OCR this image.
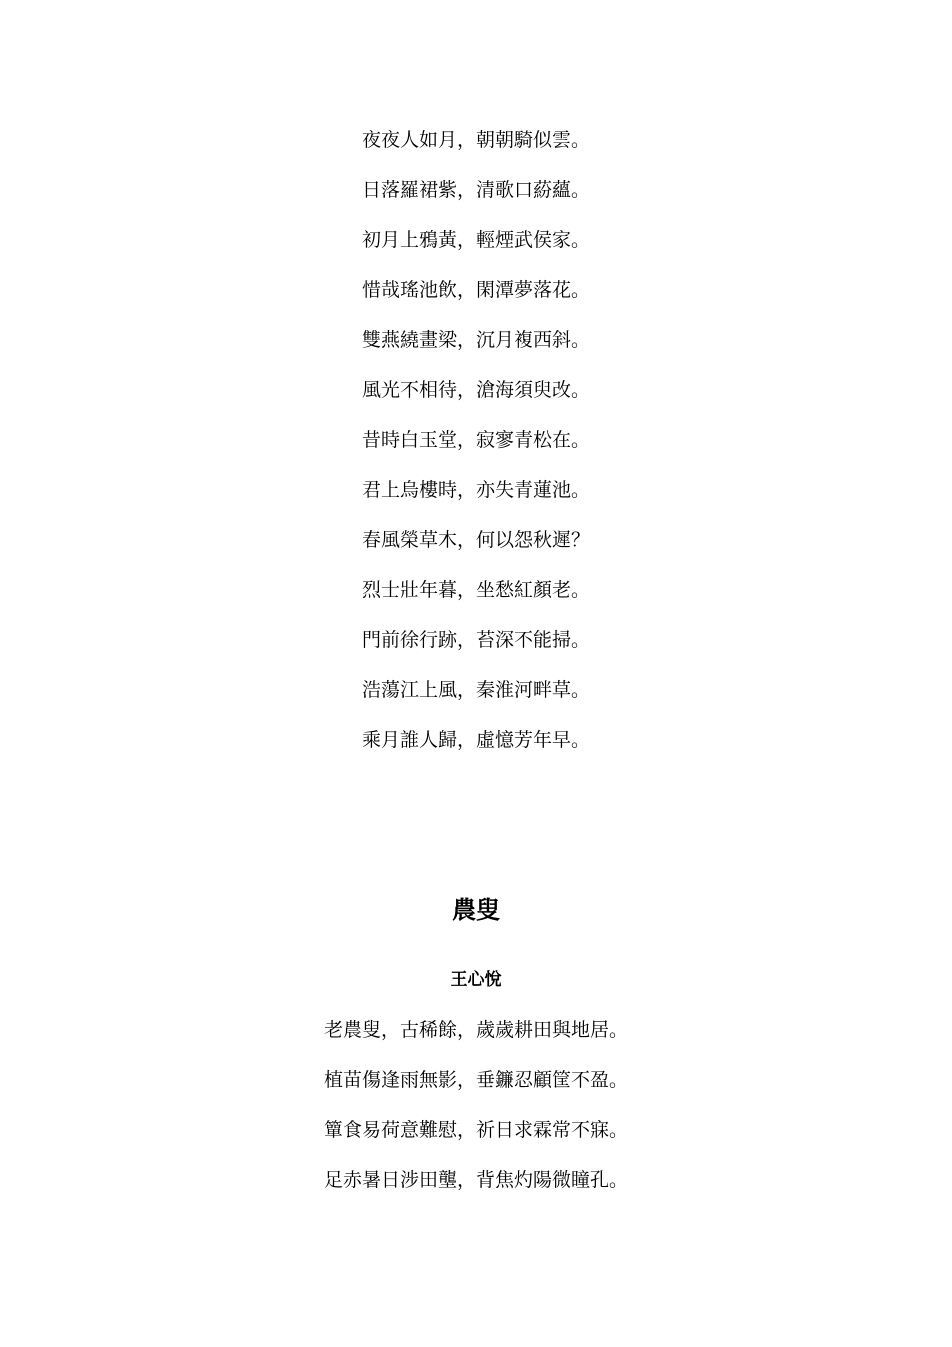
夜夜人如月，朝朝騎似雲。
日落羅裙紫，清歌口蒶蘊。
初月上鴉黃，輕煙武侯家。
惜哉瑤池飲，閑潭夢落花。
雙燕繞畫梁，沉月複西斜。
風光不相待，滄海須臾改。
昔時白玉堂，寂寥青松在。
君上烏樓時，亦失青蓮池。
春風榮草木，何以怨秋遲？
烈士壯年暮，坐愁紅顏老。
門前徐行跡，苔深不能掃。
浩蕩江上風，秦淮河畔草。
乘月誰人歸，虛憶芳年早。
農叟
王心悅
老農叟，古稀餘，歲歲耕田與地居。
植苗傷逢雨無影，垂鐮忍顧筐不盈。
簞食易荷意難慰，祈日求霖常不寐。
足赤暑日涉田壟，背焦灼陽微瞳孔。
